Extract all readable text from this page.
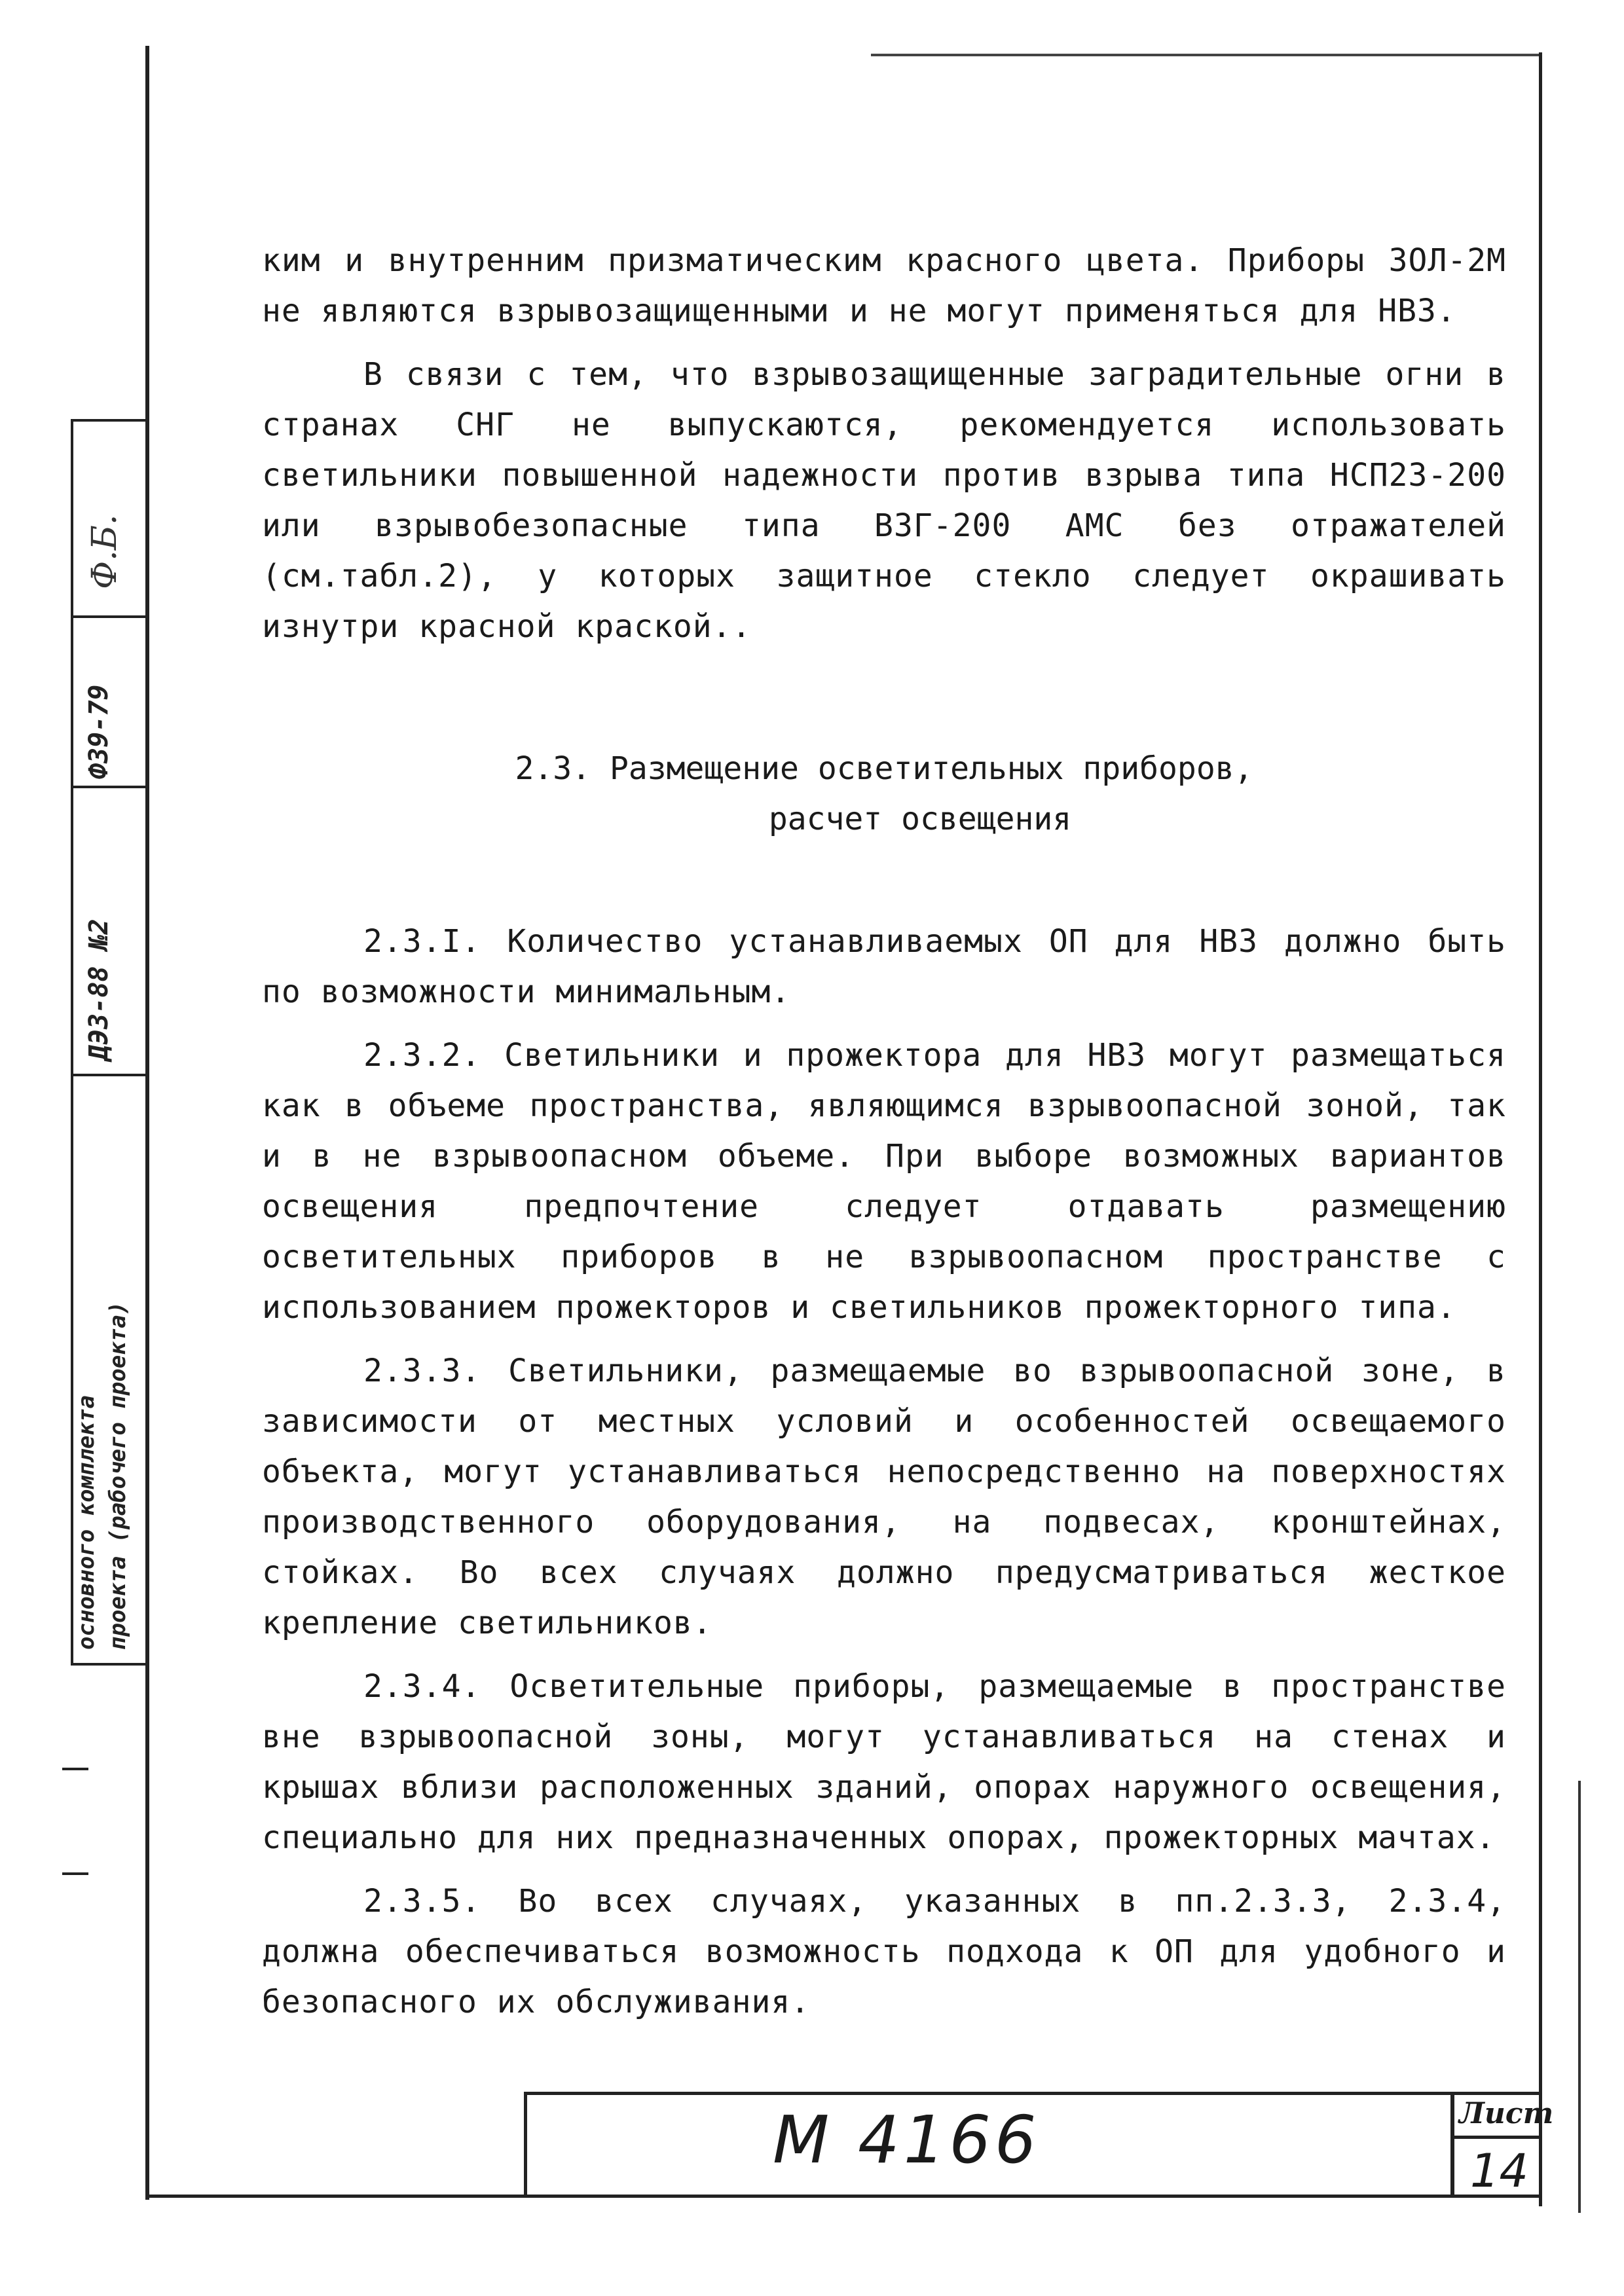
Ф.Б.
Ф39-79
ДЭЗ-88 №2
основного комплекта проекта (рабочего проекта)

ким и внутренним призматическим красного цвета. Приборы ЗОЛ-2М не являются взрывозащищенными и не могут применяться для НВЗ.

В связи с тем, что взрывозащищенные заградительные огни в странах СНГ не выпускаются, рекомендуется использовать светильники повышенной надежности против взрыва типа НСП23-200 или взрывобезопасные типа ВЗГ-200 АМС без отражателей (см.табл.2), у которых защитное стекло следует окрашивать изнутри красной краской..

2.3. Размещение осветительных приборов,
расчет освещения

2.3.I. Количество устанавливаемых ОП для НВЗ должно быть по возможности минимальным.

2.3.2. Светильники и прожектора для НВЗ могут размещаться как в объеме пространства, являющимся взрывоопасной зоной, так и в не взрывоопасном объеме. При выборе возможных вариантов освещения предпочтение следует отдавать размещению осветительных приборов в не взрывоопасном пространстве с использованием прожекторов и светильников прожекторного типа.

2.3.3. Светильники, размещаемые во взрывоопасной зоне, в зависимости от местных условий и особенностей освещаемого объекта, могут устанавливаться непосредственно на поверхностях производственного оборудования, на подвесах, кронштейнах, стойках. Во всех случаях должно предусматриваться жесткое крепление светильников.

2.3.4. Осветительные приборы, размещаемые в пространстве вне взрывоопасной зоны, могут устанавливаться на стенах и крышах вблизи расположенных зданий, опорах наружного освещения, специально для них предназначенных опорах, прожекторных мачтах.

2.3.5. Во всех случаях, указанных в пп.2.3.3, 2.3.4, должна обеспечиваться возможность подхода к ОП для удобного и безопасного их обслуживания.

М 4166	Лист
14
